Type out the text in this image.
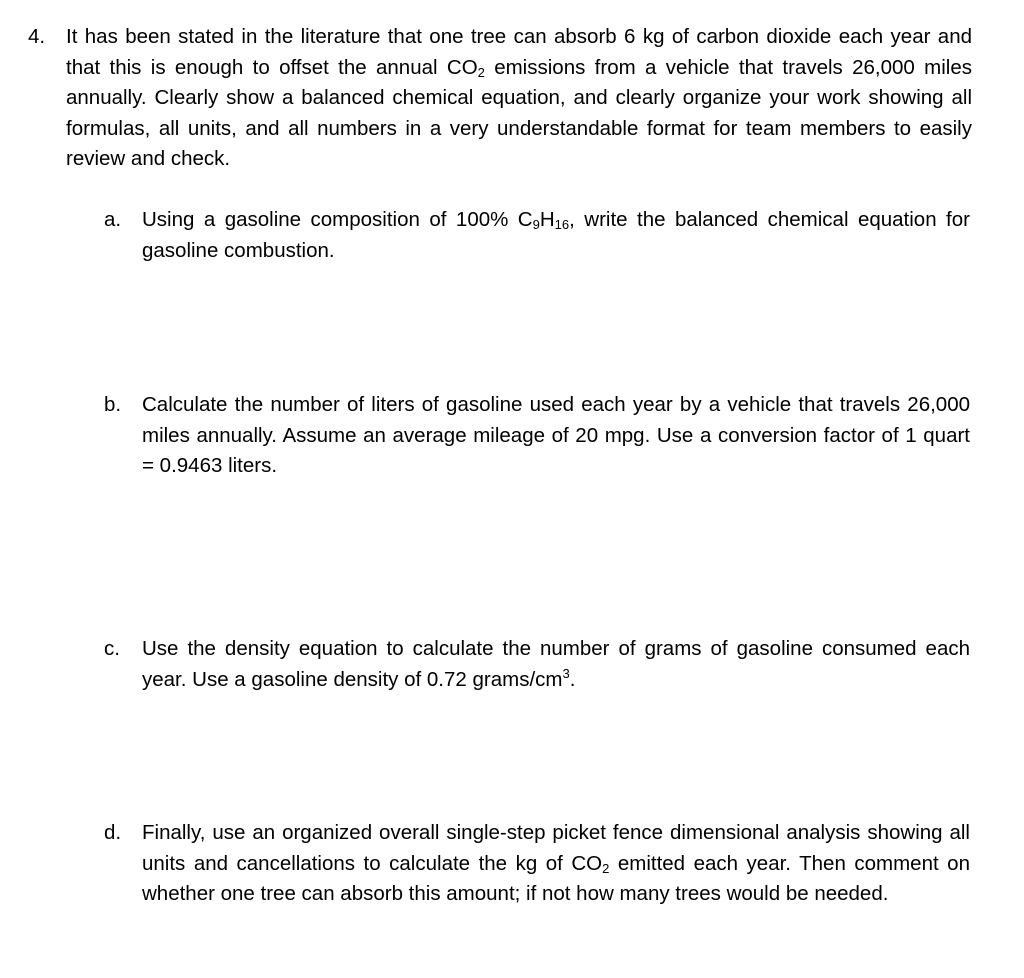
4.	It has been stated in the literature that one tree can absorb 6 kg of carbon dioxide each year and that this is enough to offset the annual $CO_2$ emissions from a vehicle that travels 26,000 miles annually. Clearly show a balanced chemical equation, and clearly organize your work showing all formulas, all units, and all numbers in a very understandable format for team members to easily review and check.
a.	Using a gasoline composition of 100% $C_9H_{16}$, write the balanced chemical equation for gasoline combustion.
b.	Calculate the number of liters of gasoline used each year by a vehicle that travels 26,000 miles annually. Assume an average mileage of 20 mpg. Use a conversion factor of 1 quart = 0.9463 liters.
c.	Use the density equation to calculate the number of grams of gasoline consumed each year. Use a gasoline density of 0.72 grams/$cm^3$.
d.	Finally, use an organized overall single-step picket fence dimensional analysis showing all units and cancellations to calculate the kg of $CO_2$ emitted each year. Then comment on whether one tree can absorb this amount; if not how many trees would be needed.
